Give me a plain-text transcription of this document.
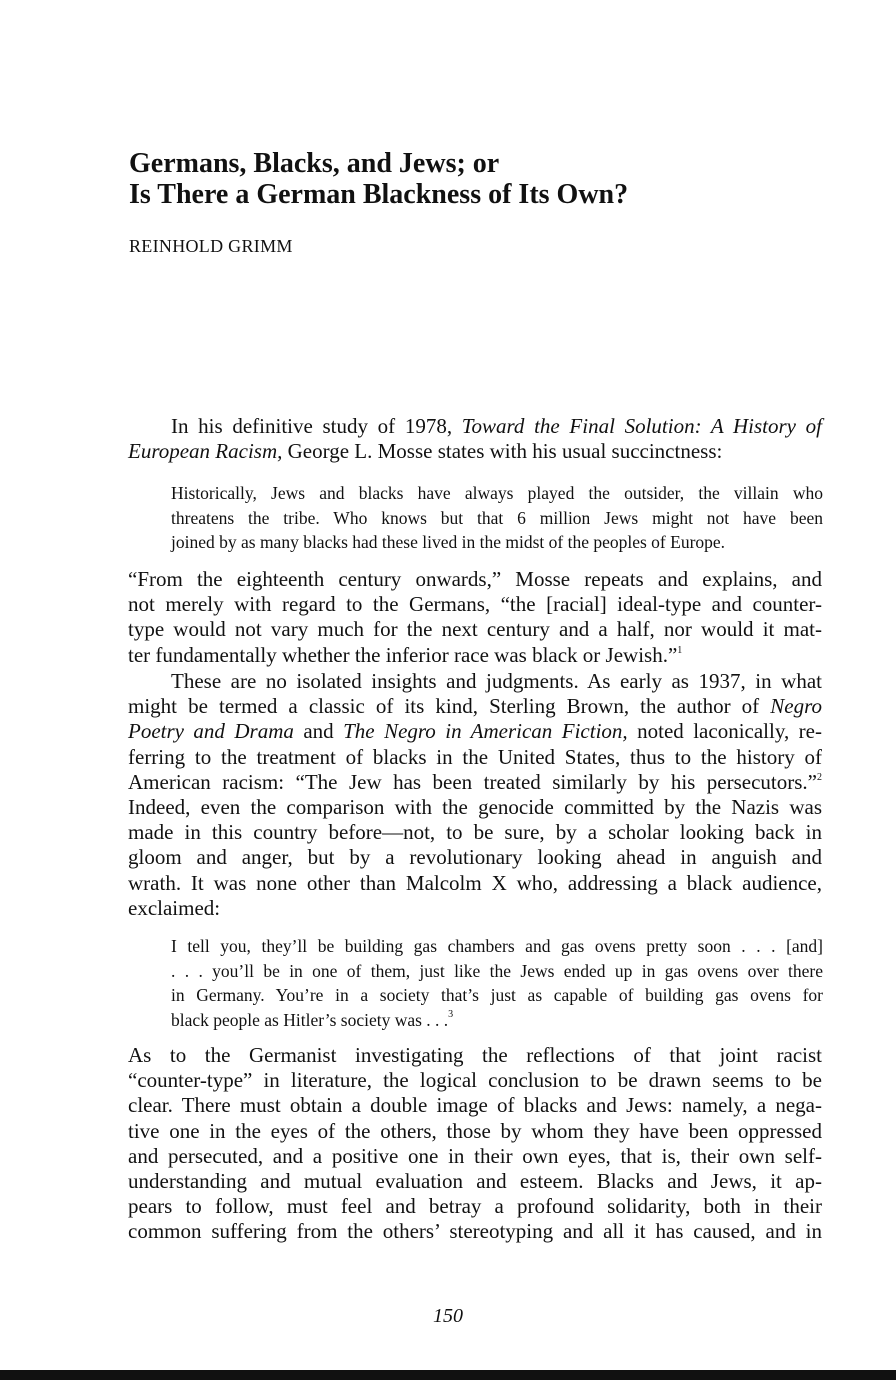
Germans, Blacks, and Jews; or
Is There a German Blackness of Its Own?

REINHOLD GRIMM

In his definitive study of 1978, Toward the Final Solution: A History of
European Racism, George L. Mosse states with his usual succinctness:

Historically, Jews and blacks have always played the outsider, the villain who
threatens the tribe. Who knows but that 6 million Jews might not have been
joined by as many blacks had these lived in the midst of the peoples of Europe.

“From the eighteenth century onwards,” Mosse repeats and explains, and
not merely with regard to the Germans, “the [racial] ideal-type and counter-
type would not vary much for the next century and a half, nor would it mat-
ter fundamentally whether the inferior race was black or Jewish.”$^1$

These are no isolated insights and judgments. As early as 1937, in what
might be termed a classic of its kind, Sterling Brown, the author of Negro
Poetry and Drama and The Negro in American Fiction, noted laconically, re-
ferring to the treatment of blacks in the United States, thus to the history of
American racism: “The Jew has been treated similarly by his persecutors.”$^2$
Indeed, even the comparison with the genocide committed by the Nazis was
made in this country before—not, to be sure, by a scholar looking back in
gloom and anger, but by a revolutionary looking ahead in anguish and
wrath. It was none other than Malcolm X who, addressing a black audience,
exclaimed:

I tell you, they’ll be building gas chambers and gas ovens pretty soon . . . [and]
. . . you’ll be in one of them, just like the Jews ended up in gas ovens over there
in Germany. You’re in a society that’s just as capable of building gas ovens for
black people as Hitler’s society was . . .$^3$

As to the Germanist investigating the reflections of that joint racist
“counter-type” in literature, the logical conclusion to be drawn seems to be
clear. There must obtain a double image of blacks and Jews: namely, a nega-
tive one in the eyes of the others, those by whom they have been oppressed
and persecuted, and a positive one in their own eyes, that is, their own self-
understanding and mutual evaluation and esteem. Blacks and Jews, it ap-
pears to follow, must feel and betray a profound solidarity, both in their
common suffering from the others’ stereotyping and all it has caused, and in

150
